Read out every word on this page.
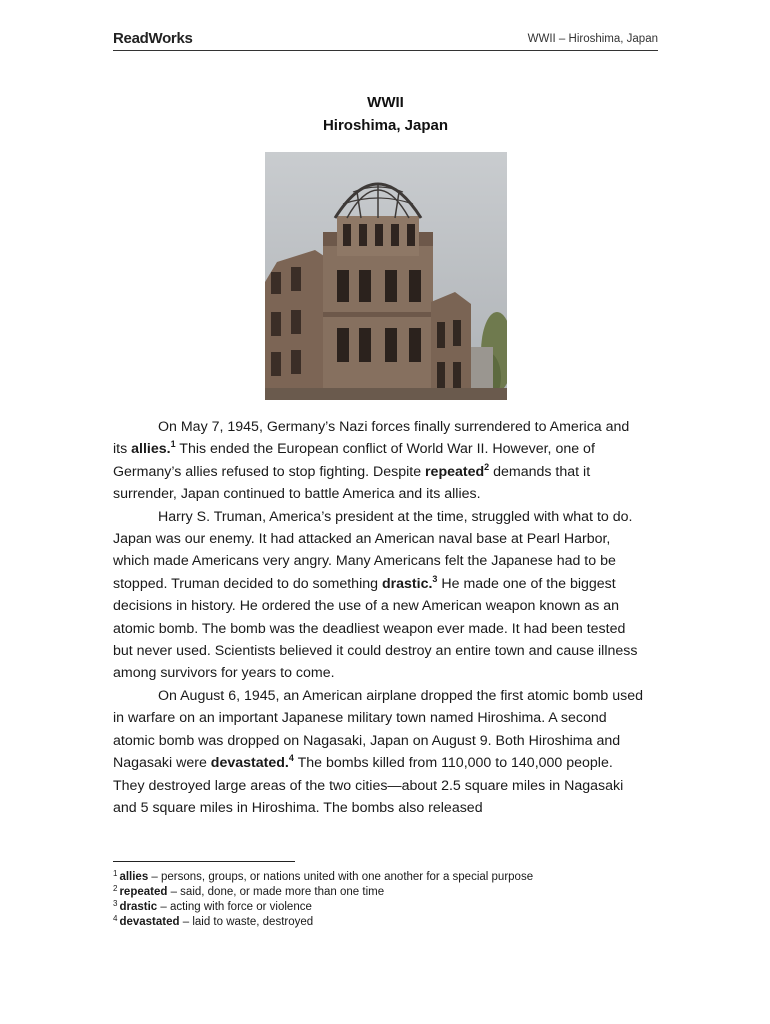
ReadWorks	WWII – Hiroshima, Japan
WWII
Hiroshima, Japan

On May 7, 1945, Germany’s Nazi forces finally surrendered to America and its allies.$^1$ This ended the European conflict of World War II. However, one of Germany’s allies refused to stop fighting. Despite repeated$^2$ demands that it surrender, Japan continued to battle America and its allies.

Harry S. Truman, America’s president at the time, struggled with what to do. Japan was our enemy. It had attacked an American naval base at Pearl Harbor, which made Americans very angry. Many Americans felt the Japanese had to be stopped. Truman decided to do something drastic.$^3$ He made one of the biggest decisions in history. He ordered the use of a new American weapon known as an atomic bomb. The bomb was the deadliest weapon ever made. It had been tested but never used. Scientists believed it could destroy an entire town and cause illness among survivors for years to come.

On August 6, 1945, an American airplane dropped the first atomic bomb used in warfare on an important Japanese military town named Hiroshima. A second atomic bomb was dropped on Nagasaki, Japan on August 9. Both Hiroshima and Nagasaki were devastated.$^4$ The bombs killed from 110,000 to 140,000 people. They destroyed large areas of the two cities—about 2.5 square miles in Nagasaki and 5 square miles in Hiroshima. The bombs also released

$^1$ allies – persons, groups, or nations united with one another for a special purpose
$^2$ repeated – said, done, or made more than one time
$^3$ drastic – acting with force or violence
$^4$ devastated – laid to waste, destroyed
